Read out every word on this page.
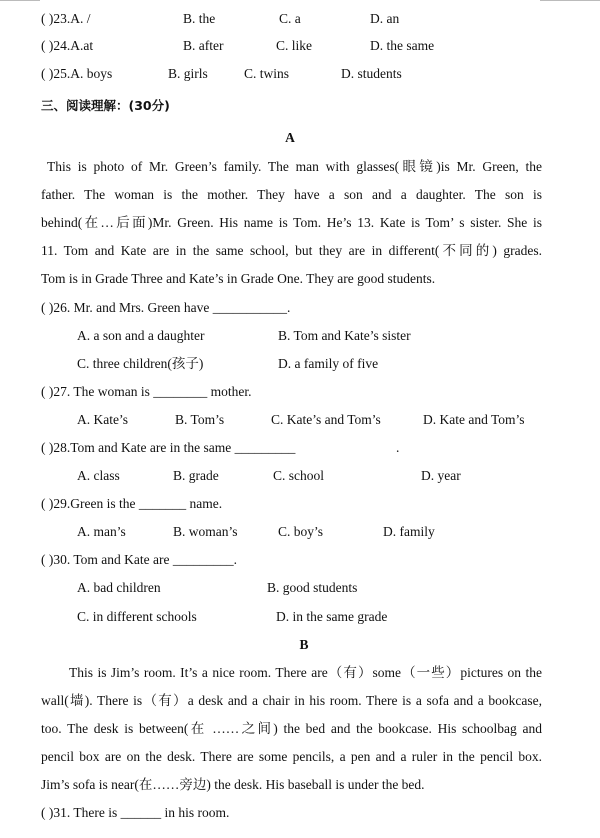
( )23.A. /	B. the	C. a	D. an
( )24.A.at	B. after	C. like	D. the same
( )25.A. boys	B. girls	C. twins	D. students
三、阅读理解：(30分)
A
This is photo of Mr. Green’s family. The man with glasses(眼镜)is Mr. Green, the
father. The woman is the mother. They have a son and a daughter. The son is
behind(在…后面)Mr. Green. His name is Tom. He’s 13. Kate is Tom’ s sister. She is
11. Tom and Kate are in the same school, but they are in different(不同的) grades.
Tom is in Grade Three and Kate’s in Grade One. They are good students.
( )26. Mr. and Mrs. Green have ___________.
A. a son and a daughter	B. Tom and Kate’s sister
C. three children(孩子)	D. a family of five
( )27. The woman is ________ mother.
A. Kate’s	B. Tom’s	C. Kate’s and Tom’s	D. Kate and Tom’s
( )28.Tom and Kate are in the same _________	.
A. class	B. grade	C. school	D. year
( )29.Green is the _______ name.
A. man’s	B. woman’s	C. boy’s	D. family
( )30. Tom and Kate are _________.
A. bad children	B. good students
C. in different schools	D. in the same grade
B
This is Jim’s room. It’s a nice room. There are（有）some（一些）pictures on the
wall(墙). There is（有）a desk and a chair in his room. There is a sofa and a bookcase,
too. The desk is between(在 ……之间) the bed and the bookcase. His schoolbag and
pencil box are on the desk. There are some pencils, a pen and a ruler in the pencil box.
Jim’s sofa is near(在……旁边) the desk. His baseball is under the bed.
( )31. There is ______ in his room.
